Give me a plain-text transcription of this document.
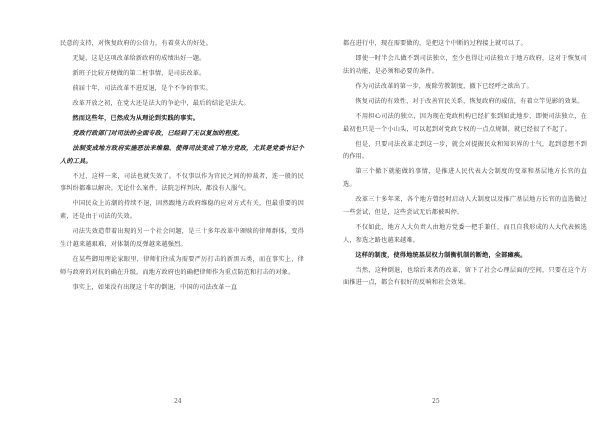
民意的支持，对恢复政府的公信力，有着莫大的好处。

无疑，这是这项改革给新政府的成绩出好一题。

新班子比较方便做的第二桩事情，是司法改革。

前届十年，司法改革不进反退，是个不争的事实。

改革开放之初，在党大还是法大的争论中，最后的结论是法大。

然而这些年，已然成为从理论到实践的事实。

党政行政部门对司法的全面专政，已经到了无以复加的程度。

法制变成地方政府实施恶法来维稳、使得司法变成了地方党政，尤其是党委书记个人的工具。

不过，这样一来，司法也就失效了。不仅事以作为官民之间的仲裁者，连一般的民事纠纷都难以解决。无论什么案件，法院怎样判决，都没有人服气。

中国民众上访潮的持续不退，固然跟地方政府维稳的应对方式有关，但最重要的因素，还是由于司法的失效。

司法失效造带着出现的另一个社会问题，是三十多年改革中颁赎的律师群体，变得生计越来越艰难，对体制的反弹越来越强烈。

在某些御用理论家眼里，律师们往成为需要严厉打击的新黑五类，而在事实上，律师与政府的对抗的确在升级，而地方政府也的确把律师作为重点防范和打击的对象。

事实上，如果没有出现这十年的倒退，中国的司法改革一直

都在进行中，现在需要做的，是把这个中断的过程接上就可以了。

即使一时半会儿做不到司法独立，至少也得让司法独立于地方政府，这对于恢复司法的功能，是必须和必要的条件。

作为司法改革的第一步，废除劳教制度，撤下已经呼之欲出了。

恢复司法的有效性，对于改善官民关系，恢复政府的威信，有着立竿见影的效果。

不用担心司法的独立，因为现在党政机构已经扩张到如此地步，即便司法独立，在最初也只是一个小山头，可以起到对党政专权的一点点规制，就已经很了不起了。

但是，只要司法改革走到这一步，就会对提振民众和知识界的士气，起到意想不到的作用。

第三个撤下就能做的事情，是推进人民代表大会制度的变革和基层地方长官的直选。

改革三十多年来，各个地方曾经时启动人大制度以及推广基层地方长官的直选做过一些尝试，但是，这些尝试无后都被叫停。

不仅如此，地方人大负责人由地方党委一把手兼任，而且自我形成的人大代表候选人，参选之路也越来越难。

这样的制度，使得地统基层权力制衡机制的断绝，全部瘫痪。

当然，这种倒退，也给后来者的改革，留下了社会心理层面的空间，只要在这个方面推进一点，都会有很好的反响和社会效果。

24	25
